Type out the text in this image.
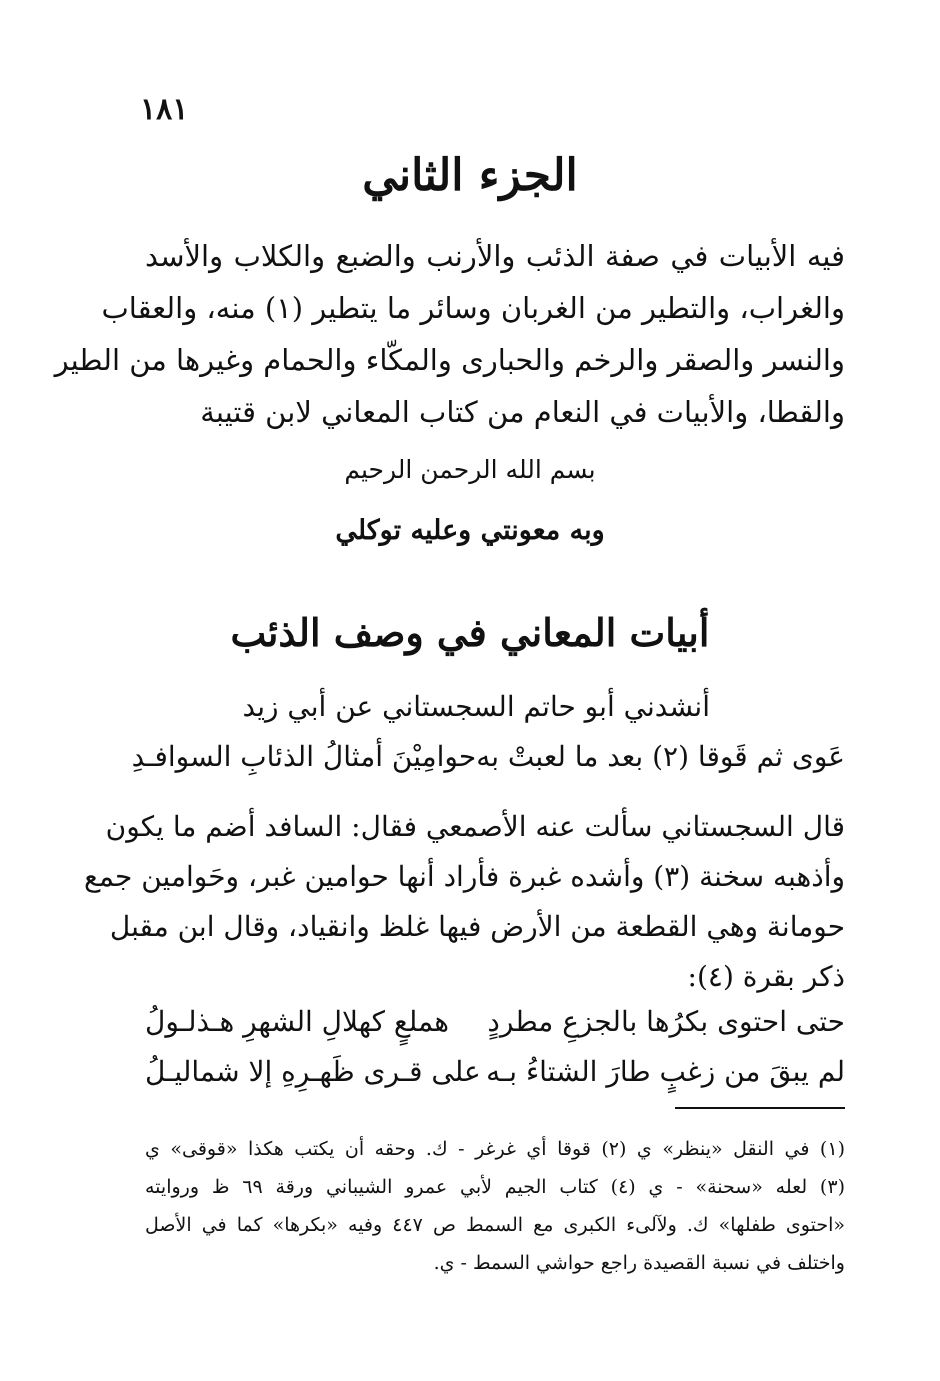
١٨١
الجزء الثاني
فيه الأبيات في صفة الذئب والأرنب والضبع والكلاب والأسد
والغراب، والتطير من الغربان وسائر ما يتطير (١) منه، والعقاب
والنسر والصقر والرخم والحبارى والمكّاء والحمام وغيرها من الطير
والقطا، والأبيات في النعام من كتاب المعاني لابن قتيبة
بسم الله الرحمن الرحيم
وبه معونتي وعليه توكلي
أبيات المعاني في وصف الذئب
أنشدني أبو حاتم السجستاني عن أبي زيد
عَوى ثم قَوقا (٢) بعد ما لعبتْ به
حوامِيْنَ أمثالُ الذئابِ السوافـدِ
قال السجستاني سألت عنه الأصمعي فقال: السافد أضم ما يكون
وأذهبه سخنة (٣) وأشده غبرة فأراد أنها حوامين غبر، وحَوامين جمع
حومانة وهي القطعة من الأرض فيها غلظ وانقياد، وقال ابن مقبل
ذكر بقرة (٤):
حتى احتوى بكرُها بالجزعِ مطردٍ
هملعٍ كهلالِ الشهرِ هـذلـولُ
لم يبقَ من زغبٍ طارَ الشتاءُ بـه
على قـرى ظَهـرِهِ إلا شماليـلُ
(١) في النقل «ينظر» ي (٢) قوقا أي غرغر - ك. وحقه أن يكتب هكذا «قوقى» ي
(٣) لعله «سحنة» - ي (٤) كتاب الجيم لأبي عمرو الشيباني ورقة ٦٩ ظ وروايته
«احتوى طفلها» ك. ولآلىء الكبرى مع السمط ص ٤٤٧ وفيه «بكرها» كما في الأصل
واختلف في نسبة القصيدة راجع حواشي السمط - ي.
